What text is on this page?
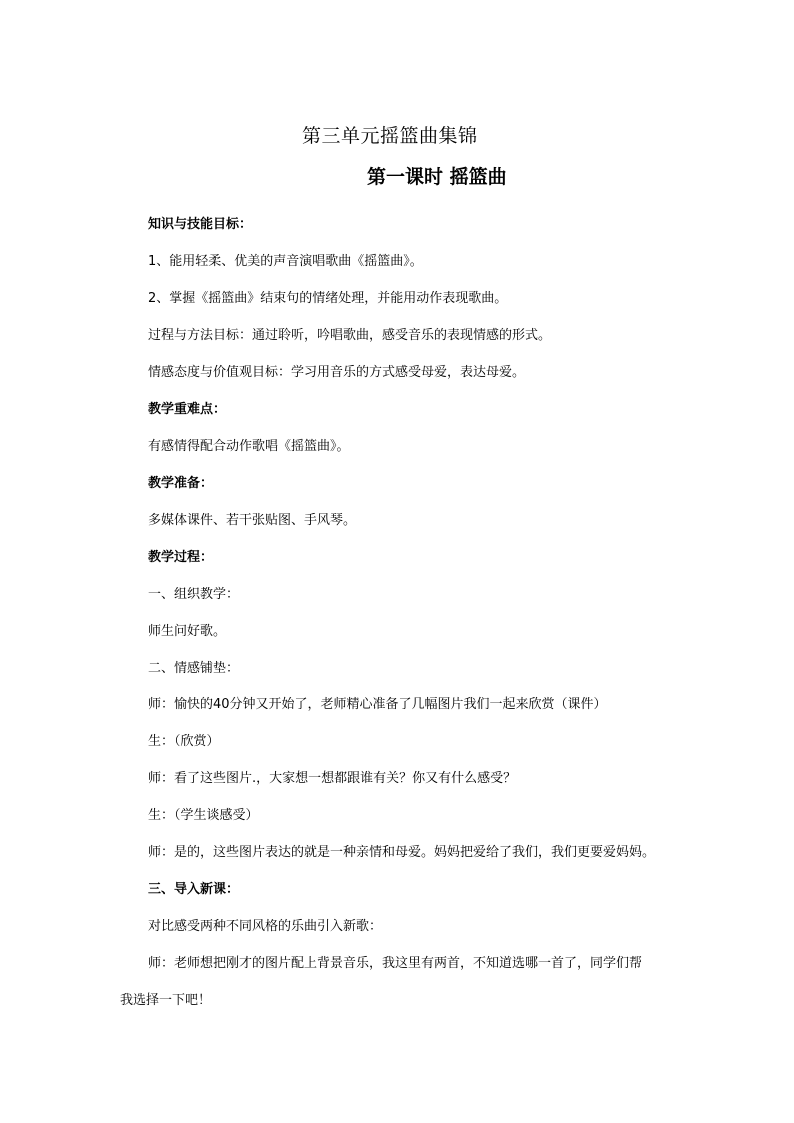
第三单元摇篮曲集锦
第一课时 摇篮曲
知识与技能目标：
1、能用轻柔、优美的声音演唱歌曲《摇篮曲》。
2、掌握《摇篮曲》结束句的情绪处理，并能用动作表现歌曲。
过程与方法目标：通过聆听，吟唱歌曲，感受音乐的表现情感的形式。
情感态度与价值观目标：学习用音乐的方式感受母爱，表达母爱。
教学重难点：
有感情得配合动作歌唱《摇篮曲》。
教学准备：
多媒体课件、若干张贴图、手风琴。
教学过程：
一、组织教学：
师生问好歌。
二、情感铺垫：
师：愉快的40分钟又开始了，老师精心准备了几幅图片我们一起来欣赏（课件）
生：（欣赏）
师：看了这些图片.，大家想一想都跟谁有关？你又有什么感受？
生：（学生谈感受）
师：是的，这些图片表达的就是一种亲情和母爱。妈妈把爱给了我们，我们更要爱妈妈。
三、导入新课：
对比感受两种不同风格的乐曲引入新歌：
师：老师想把刚才的图片配上背景音乐，我这里有两首，不知道选哪一首了，同学们帮
我选择一下吧！
